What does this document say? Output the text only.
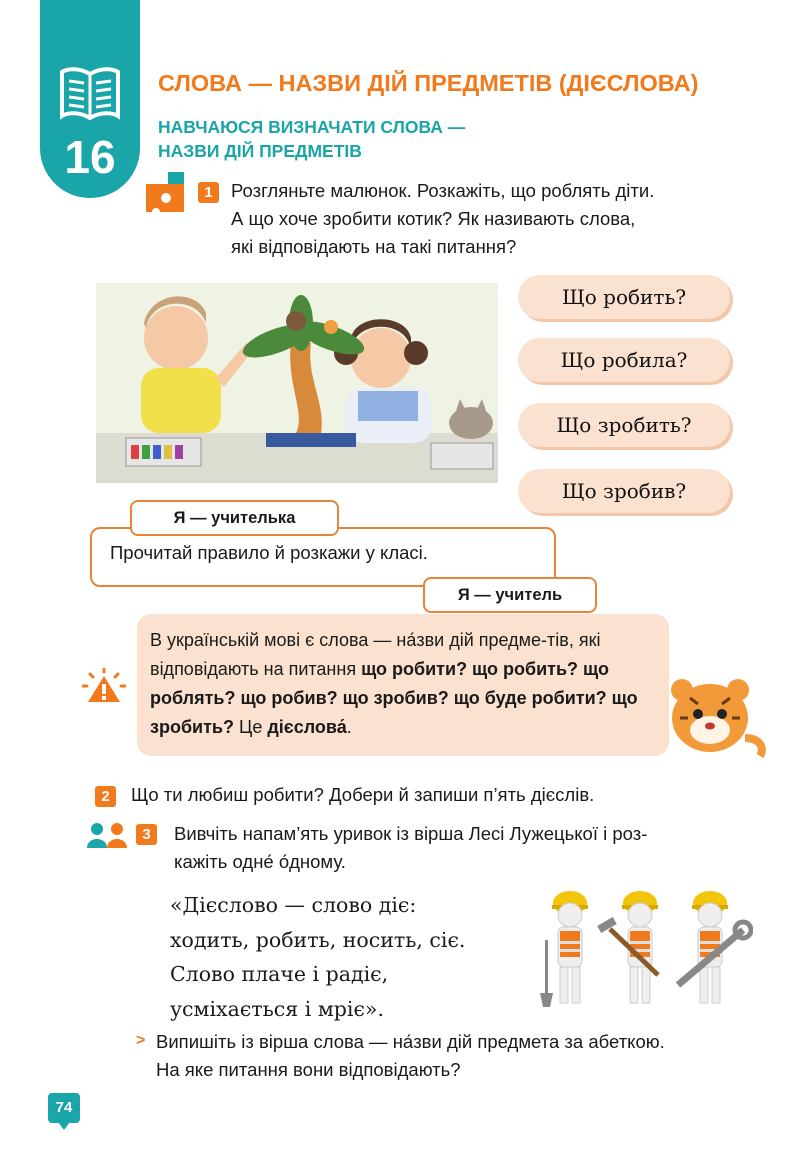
16
СЛОВА — НАЗВИ ДІЙ ПРЕДМЕТІВ (ДІЄСЛОВА)
НАВЧАЮСЯ ВИЗНАЧАТИ СЛОВА —
НАЗВИ ДІЙ ПРЕДМЕТІВ
1 Розгляньте малюнок. Розкажіть, що роблять діти.
А що хоче зробити котик? Як називають слова,
які відповідають на такі питання?
Що робить?
Що робила?
Що зробить?
Що зробив?
Я — учителька
Прочитай правило й розкажи у класі.
Я — учитель
В українській мові є слова — на́зви дій предме-тів, які відповідають на питання що робити? що робить? що роблять? що робив? що зробив? що буде робити? що зробить? Це дієслова́.
2	Що ти любиш робити? Добери й запиши п’ять дієслів.
3	Вивчіть напам’ять уривок із вірша Лесі Лужецької і роз-
кажіть одне́ о́дному.
«Дієслово — слово діє:
ходить, робить, носить, сіє.
Слово плаче і радіє,
усміхається і мріє».
> Випишіть із вірша слова — на́зви дій предмета за абеткою.
На яке питання вони відповідають?
74
